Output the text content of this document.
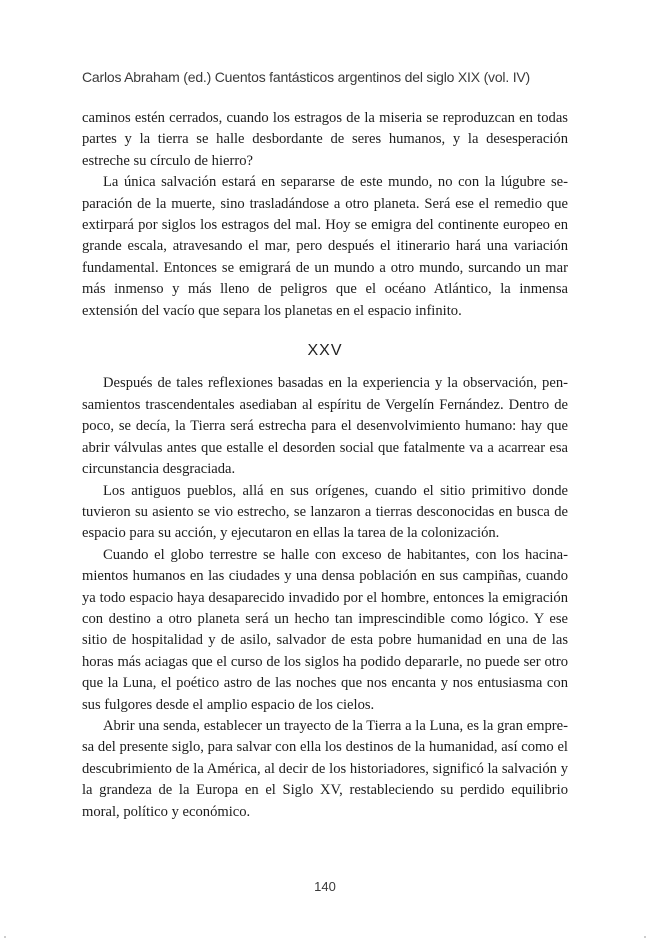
Carlos Abraham (ed.) Cuentos fantásticos argentinos del siglo XIX (vol. IV)

caminos estén cerrados, cuando los estragos de la miseria se reproduzcan en todas partes y la tierra se halle desbordante de seres humanos, y la desesperación estreche su círculo de hierro?

La única salvación estará en separarse de este mundo, no con la lúgubre separación de la muerte, sino trasladándose a otro planeta. Será ese el remedio que extirpará por siglos los estragos del mal. Hoy se emigra del continente europeo en grande escala, atravesando el mar, pero después el itinerario hará una variación fundamental. Entonces se emigrará de un mundo a otro mundo, surcando un mar más inmenso y más lleno de peligros que el océano Atlántico, la inmensa extensión del vacío que separa los planetas en el espacio infinito.

XXV

Después de tales reflexiones basadas en la experiencia y la observación, pensamientos trascendentales asediaban al espíritu de Vergelín Fernández. Dentro de poco, se decía, la Tierra será estrecha para el desenvolvimiento humano: hay que abrir válvulas antes que estalle el desorden social que fatalmente va a acarrear esa circunstancia desgraciada.

Los antiguos pueblos, allá en sus orígenes, cuando el sitio primitivo donde tuvieron su asiento se vio estrecho, se lanzaron a tierras desconocidas en busca de espacio para su acción, y ejecutaron en ellas la tarea de la colonización.

Cuando el globo terrestre se halle con exceso de habitantes, con los hacinamientos humanos en las ciudades y una densa población en sus campiñas, cuando ya todo espacio haya desaparecido invadido por el hombre, entonces la emigración con destino a otro planeta será un hecho tan imprescindible como lógico. Y ese sitio de hospitalidad y de asilo, salvador de esta pobre humanidad en una de las horas más aciagas que el curso de los siglos ha podido depararle, no puede ser otro que la Luna, el poético astro de las noches que nos encanta y nos entusiasma con sus fulgores desde el amplio espacio de los cielos.

Abrir una senda, establecer un trayecto de la Tierra a la Luna, es la gran empresa del presente siglo, para salvar con ella los destinos de la humanidad, así como el descubrimiento de la América, al decir de los historiadores, significó la salvación y la grandeza de la Europa en el Siglo XV, restableciendo su perdido equilibrio moral, político y económico.

140
